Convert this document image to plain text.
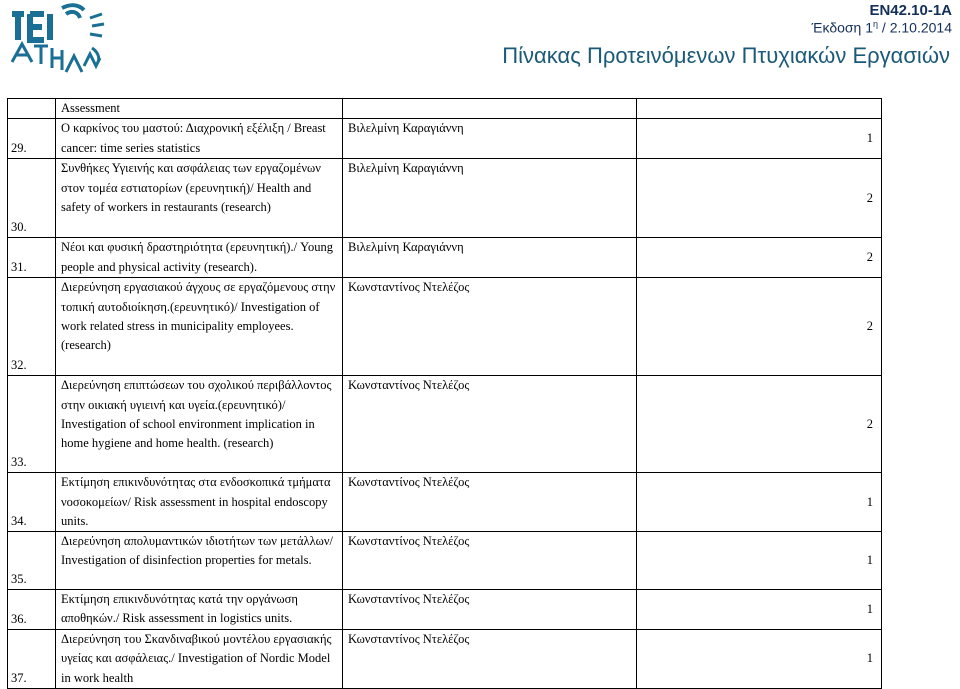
EN42.10-1A
Έκδοση $1^\eta / 2.10.2014$
Πίνακας Προτεινόμενων Πτυχιακών Εργασιών
	Assessment		
29.	Ο καρκίνος του μαστού: Διαχρονική εξέλιξη / Breast cancer: time series statistics	Βιλελμίνη Καραγιάννη	1
30.	Συνθήκες Υγιεινής και ασφάλειας των εργαζομένων στον τομέα εστιατορίων (ερευνητική)/ Health and safety of workers in restaurants (research)	Βιλελμίνη Καραγιάννη	2
31.	Νέοι και φυσική δραστηριότητα (ερευνητική)./ Young people and physical activity (research).	Βιλελμίνη Καραγιάννη	2
32.	Διερεύνηση εργασιακού άγχους σε εργαζόμενους στην τοπική αυτοδιοίκηση.(ερευνητικό)/ Investigation of work related stress in municipality employees. (research)	Κωνσταντίνος Ντελέζος	2
33.	Διερεύνηση επιπτώσεων του σχολικού περιβάλλοντος στην οικιακή υγιεινή και υγεία.(ερευνητικό)/ Investigation of school environment implication in home hygiene and home health. (research)	Κωνσταντίνος Ντελέζος	2
34.	Εκτίμηση επικινδυνότητας στα ενδοσκοπικά τμήματα νοσοκομείων/ Risk assessment in hospital endoscopy units.	Κωνσταντίνος Ντελέζος	1
35.	Διερεύνηση απολυμαντικών ιδιοτήτων των μετάλλων/ Investigation of disinfection properties for metals.	Κωνσταντίνος Ντελέζος	1
36.	Εκτίμηση επικινδυνότητας κατά την οργάνωση αποθηκών./ Risk assessment in logistics units.	Κωνσταντίνος Ντελέζος	1
37.	Διερεύνηση του Σκανδιναβικού μοντέλου εργασιακής υγείας και ασφάλειας./ Investigation of Nordic Model in work health	Κωνσταντίνος Ντελέζος	1
